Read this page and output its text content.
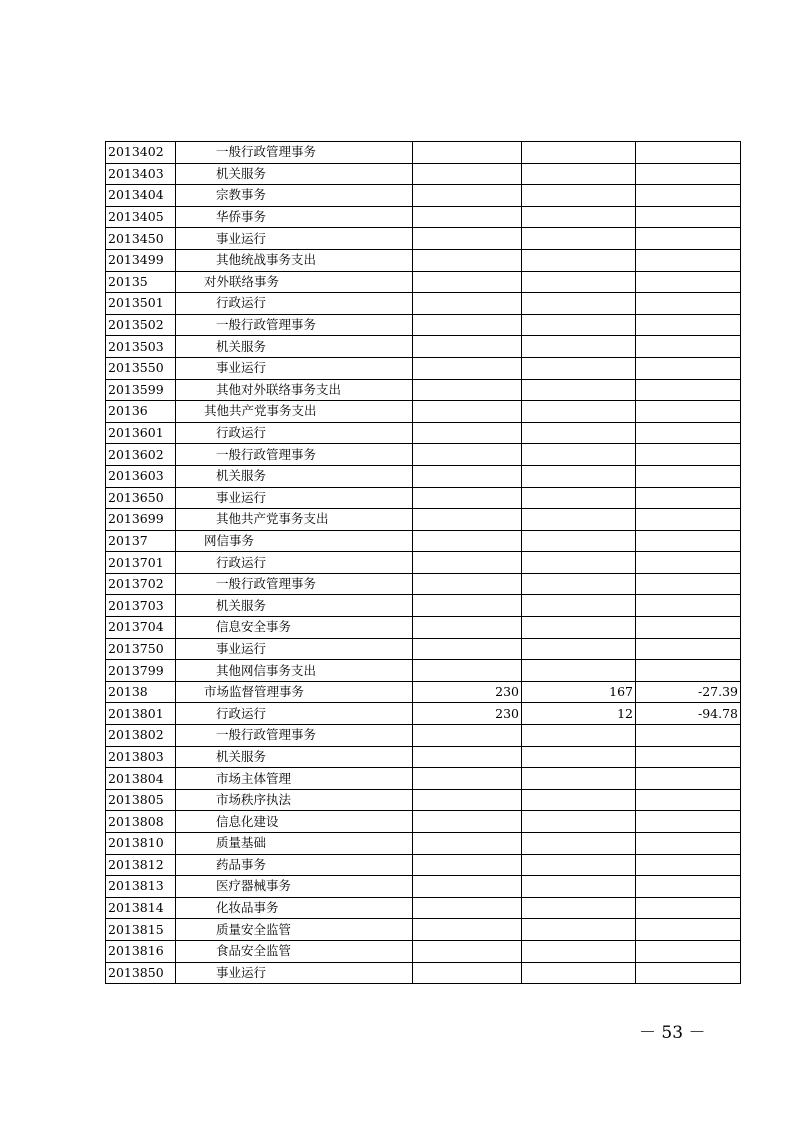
2013402	一般行政管理事务			
2013403	机关服务			
2013404	宗教事务			
2013405	华侨事务			
2013450	事业运行			
2013499	其他统战事务支出			
20135	对外联络事务			
2013501	行政运行			
2013502	一般行政管理事务			
2013503	机关服务			
2013550	事业运行			
2013599	其他对外联络事务支出			
20136	其他共产党事务支出			
2013601	行政运行			
2013602	一般行政管理事务			
2013603	机关服务			
2013650	事业运行			
2013699	其他共产党事务支出			
20137	网信事务			
2013701	行政运行			
2013702	一般行政管理事务			
2013703	机关服务			
2013704	信息安全事务			
2013750	事业运行			
2013799	其他网信事务支出			
20138	市场监督管理事务	230	167	-27.39
2013801	行政运行	230	12	-94.78
2013802	一般行政管理事务			
2013803	机关服务			
2013804	市场主体管理			
2013805	市场秩序执法			
2013808	信息化建设			
2013810	质量基础			
2013812	药品事务			
2013813	医疗器械事务			
2013814	化妆品事务			
2013815	质量安全监管			
2013816	食品安全监管			
2013850	事业运行			
－ 53 －
